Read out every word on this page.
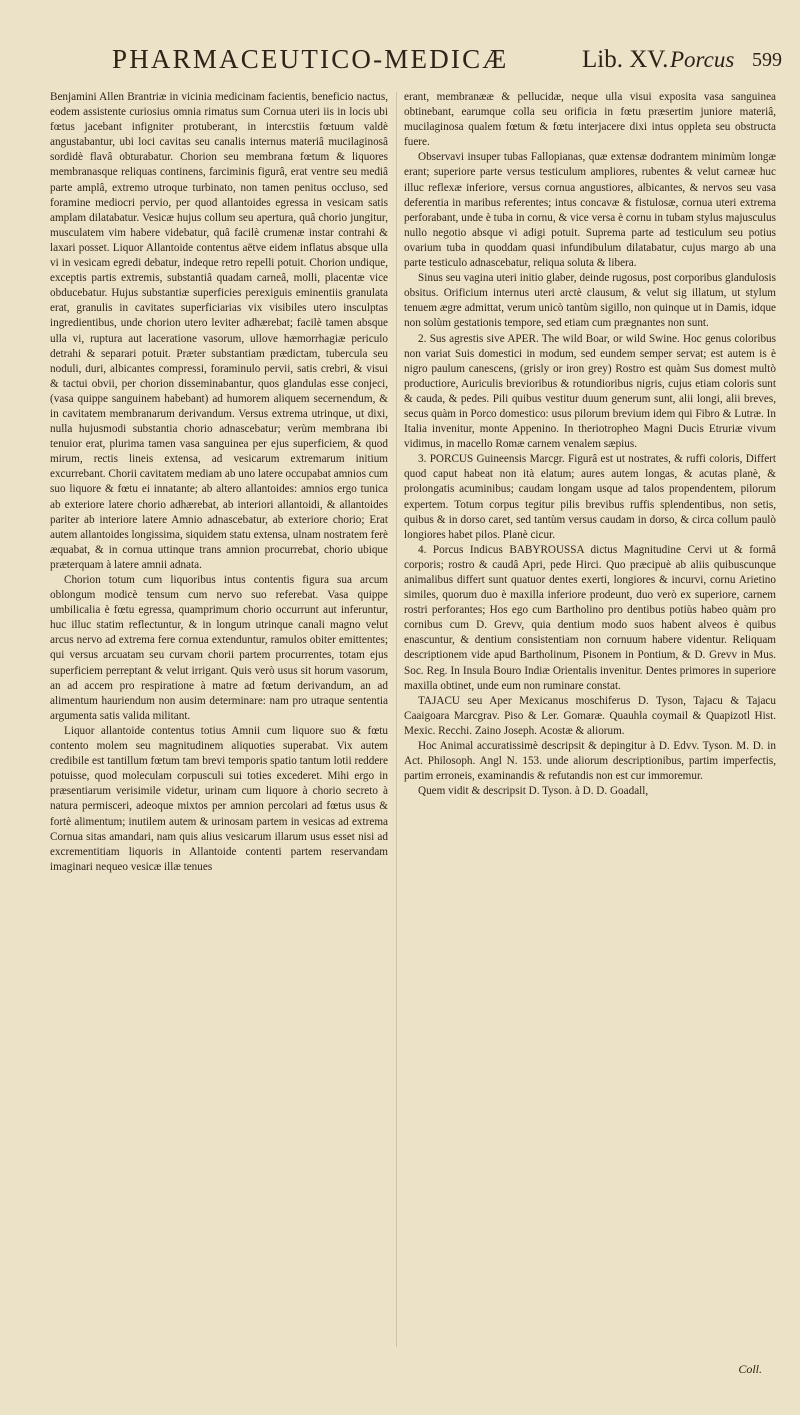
PHARMACEUTICO-MEDICÆ	Lib. XV. Porcus 599

Benjamini Allen Brantriæ in vicinia medicinam facientis, beneficio nactus, eodem assistente curiosius omnia rimatus sum Cornua uteri iis in locis ubi fœtus jacebant infigniter protuberant, in intercstiis fœtuum valdè angustabantur, ubi loci cavitas seu canalis internus materiâ mucilaginosâ sordidè flavâ obturabatur. Chorion seu membrana fœtum & liquores membranasque reliquas continens, farciminis figurâ, erat ventre seu mediâ parte amplâ, extremo utroque turbinato, non tamen penitus occluso, sed foramine mediocri pervio, per quod allantoides egressa in vesicam satis amplam dilatabatur. Vesicæ hujus collum seu apertura, quâ chorio jungitur, musculatem vim habere videbatur, quâ facilè crumenæ instar contrahi & laxari posset. Liquor Allantoide contentus aëtve eidem inflatus absque ulla vi in vesicam egredi debatur, indeque retro repelli potuit. Chorion undique, exceptis partis extremis, substantiâ quadam carneâ, molli, placentæ vice obducebatur. Hujus substantiæ superficies perexiguis eminentiis granulata erat, granulis in cavitates superficiarias vix visibiles utero insculptas ingredientibus, unde chorion utero leviter adhærebat; facilè tamen absque ulla vi, ruptura aut laceratione vasorum, ullove hæmorrhagiæ periculo detrahi & separari potuit. Præter substantiam prædictam, tubercula seu noduli, duri, albicantes compressi, foraminulo pervii, satis crebri, & visui & tactui obvii, per chorion disseminabantur, quos glandulas esse conjeci, (vasa quippe sanguinem habebant) ad humorem aliquem secernendum, & in cavitatem membranarum derivandum. Versus extrema utrinque, ut dixi, nulla hujusmodi substantia chorio adnascebatur; verùm membrana ibi tenuior erat, plurima tamen vasa sanguinea per ejus superficiem, & quod mirum, rectis lineis extensa, ad vesicarum extremarum initium excurrebant. Chorii cavitatem mediam ab uno latere occupabat amnios cum suo liquore & fœtu ei innatante; ab altero allantoides: amnios ergo tunica ab exteriore latere chorio adhærebat, ab interiori allantoidi, & allantoides pariter ab interiore latere Amnio adnascebatur, ab exteriore chorio; Erat autem allantoides longissima, siquidem statu extensa, ulnam nostratem ferè æquabat, & in cornua uttinque trans amnion procurrebat, chorio ubique præterquam à latere amnii adnata.

Chorion totum cum liquoribus intus contentis figura sua arcum oblongum modicè tensum cum nervo suo referebat. Vasa quippe umbilicalia è fœtu egressa, quamprimum chorio occurrunt aut inferuntur, huc illuc statim reflectuntur, & in longum utrinque canali magno velut arcus nervo ad extrema fere cornua extenduntur, ramulos obiter emittentes; qui versus arcuatam seu curvam chorii partem procurrentes, totam ejus superficiem perreptant & velut irrigant. Quis verò usus sit horum vasorum, an ad accem pro respiratione à matre ad fœtum derivandum, an ad alimentum hauriendum non ausim determinare: nam pro utraque sententia argumenta satis valida militant.

Liquor allantoide contentus totius Amnii cum liquore suo & fœtu contento molem seu magnitudinem aliquoties superabat. Vix autem credibile est tantillum fœtum tam brevi temporis spatio tantum lotii reddere potuisse, quod moleculam corpusculi sui toties excederet. Mihi ergo in præsentiarum verisimile videtur, urinam cum liquore à chorio secreto à natura permisceri, adeoque mixtos per amnion percolari ad fœtus usus & fortè alimentum; inutilem autem & urinosam partem in vesicas ad extrema Cornua sitas amandari, nam quis alius vesicarum illarum usus esset nisi ad excrementitiam liquoris in Allantoide contenti partem reservandam imaginari nequeo vesicæ illæ tenues

erant, membranææ & pellucidæ, neque ulla visui exposita vasa sanguinea obtinebant, earumque colla seu orificia in fœtu præsertim juniore materiâ, mucilaginosa qualem fœtum & fœtu interjacere dixi intus oppleta seu obstructa fuere.

Observavi insuper tubas Fallopianas, quæ extensæ dodrantem minimùm longæ erant; superiore parte versus testiculum ampliores, rubentes & velut carneæ huc illuc reflexæ inferiore, versus cornua angustiores, albicantes, & nervos seu vasa deferentia in maribus referentes; intus concavæ & fistulosæ, cornua uteri extrema perforabant, unde è tuba in cornu, & vice versa è cornu in tubam stylus majusculus nullo negotio absque vi adigi potuit. Suprema parte ad testiculum seu potius ovarium tuba in quoddam quasi infundibulum dilatabatur, cujus margo ab una parte testiculo adnascebatur, reliqua soluta & libera.

Sinus seu vagina uteri initio glaber, deinde rugosus, post corporibus glandulosis obsitus. Orificium internus uteri arctè clausum, & velut sig illatum, ut stylum tenuem ægre admittat, verum unicò tantùm sigillo, non quinque ut in Damis, idque non solùm gestationis tempore, sed etiam cum prægnantes non sunt.

2. Sus agrestis sive APER. The wild Boar, or wild Swine. Hoc genus coloribus non variat Suis domestici in modum, sed eundem semper servat; est autem is è nigro paulum canescens, (grisly or iron grey) Rostro est quàm Sus domest multò productiore, Auriculis brevioribus & rotundioribus nigris, cujus etiam coloris sunt & cauda, & pedes. Pili quibus vestitur duum generum sunt, alii longi, alii breves, secus quàm in Porco domestico: usus pilorum brevium idem qui Fibro & Lutræ. In Italia invenitur, monte Appenino. In theriotropheo Magni Ducis Etruriæ vivum vidimus, in macello Romæ carnem venalem sæpius.

3. PORCUS Guineensis Marcgr. Figurâ est ut nostrates, & ruffi coloris, Differt quod caput habeat non ità elatum; aures autem longas, & acutas planè, & prolongatis acuminibus; caudam longam usque ad talos propendentem, pilorum expertem. Totum corpus tegitur pilis brevibus ruffis splendentibus, non setis, quibus & in dorso caret, sed tantùm versus caudam in dorso, & circa collum paulò longiores habet pilos. Planè cicur.

4. Porcus Indicus BABYROUSSA dictus Magnitudine Cervi ut & formâ corporis; rostro & caudâ Apri, pede Hirci. Quo præcipuè ab aliis quibuscunque animalibus differt sunt quatuor dentes exerti, longiores & incurvi, cornu Arietino similes, quorum duo è maxilla inferiore prodeunt, duo verò ex superiore, carnem rostri perforantes; Hos ego cum Bartholino pro dentibus potiùs habeo quàm pro cornibus cum D. Grevv, quia dentium modo suos habent alveos è quibus enascuntur, & dentium consistentiam non cornuum habere videntur. Reliquam descriptionem vide apud Bartholinum, Pisonem in Pontium, & D. Grevv in Mus. Soc. Reg. In Insula Bouro Indiæ Orientalis invenitur. Dentes primores in superiore maxilla obtinet, unde eum non ruminare constat.

TAJACU seu Aper Mexicanus moschiferus D. Tyson, Tajacu & Tajacu Caaigoara Marcgrav. Piso & Ler. Gomaræ. Quauhla coymail & Quapizotl Hist. Mexic. Recchi. Zaino Joseph. Acostæ & aliorum.

Hoc Animal accuratissimè descripsit & depingitur à D. Edvv. Tyson. M. D. in Act. Philosoph. Angl N. 153. unde aliorum descriptionibus, partim imperfectis, partim erroneis, examinandis & refutandis non est cur immoremur.

Quem vidit & descripsit D. Tyson. à D. D. Goadall,

Coll.
